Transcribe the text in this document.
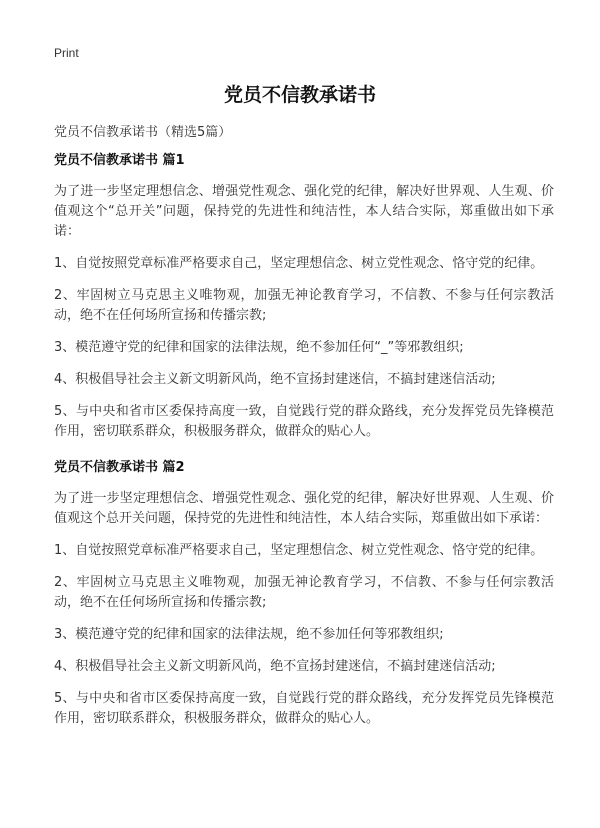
Print
党员不信教承诺书
党员不信教承诺书（精选5篇）
党员不信教承诺书 篇1

为了进一步坚定理想信念、增强党性观念、强化党的纪律，解决好世界观、人生观、价值观这个“总开关”问题，保持党的先进性和纯洁性，本人结合实际，郑重做出如下承诺：

1、自觉按照党章标准严格要求自己，坚定理想信念、树立党性观念、恪守党的纪律。

2、牢固树立马克思主义唯物观，加强无神论教育学习，不信教、不参与任何宗教活动，绝不在任何场所宣扬和传播宗教;

3、模范遵守党的纪律和国家的法律法规，绝不参加任何“_”等邪教组织;

4、积极倡导社会主义新文明新风尚，绝不宣扬封建迷信，不搞封建迷信活动;

5、与中央和省市区委保持高度一致，自觉践行党的群众路线，充分发挥党员先锋模范作用，密切联系群众，积极服务群众，做群众的贴心人。

党员不信教承诺书 篇2

为了进一步坚定理想信念、增强党性观念、强化党的纪律，解决好世界观、人生观、价值观这个总开关问题，保持党的先进性和纯洁性，本人结合实际，郑重做出如下承诺：

1、自觉按照党章标准严格要求自己，坚定理想信念、树立党性观念、恪守党的纪律。

2、牢固树立马克思主义唯物观，加强无神论教育学习，不信教、不参与任何宗教活动，绝不在任何场所宣扬和传播宗教;

3、模范遵守党的纪律和国家的法律法规，绝不参加任何等邪教组织;

4、积极倡导社会主义新文明新风尚，绝不宣扬封建迷信，不搞封建迷信活动;

5、与中央和省市区委保持高度一致，自觉践行党的群众路线，充分发挥党员先锋模范作用，密切联系群众，积极服务群众，做群众的贴心人。
